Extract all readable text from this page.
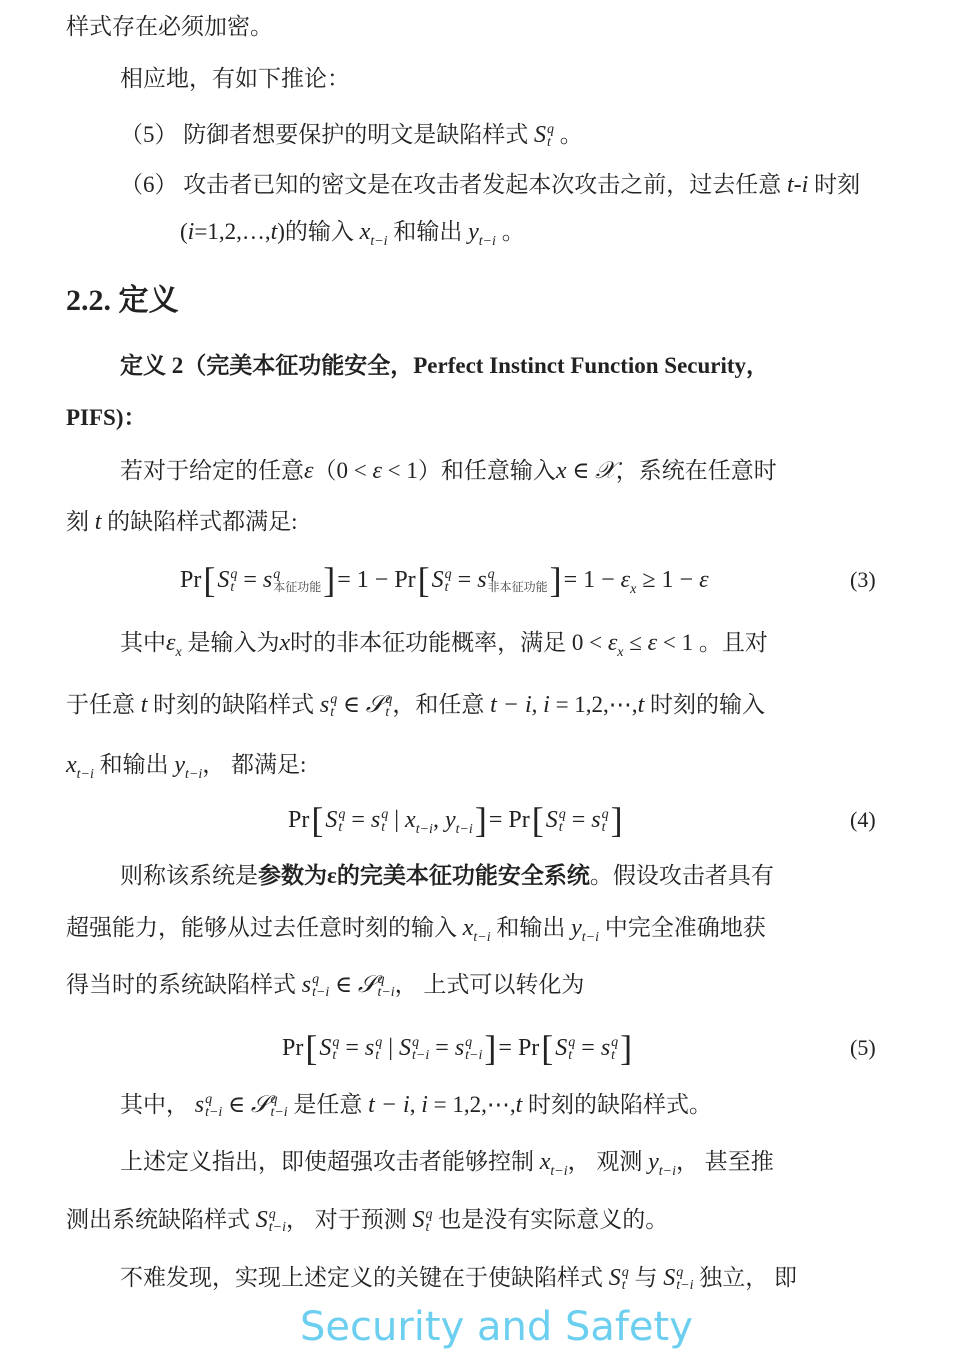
样式存在必须加密。
相应地，有如下推论：
（5） 防御者想要保护的明文是缺陷样式 S q
t 。
（6） 攻击者已知的密文是在攻击者发起本次攻击之前，过去任意 t-i 时刻
(i=1,2,…,t)的输入 $x_{t-i}$ 和输出 $y_{t-i}$ 。
2.2. 定义
定义 2（完美本征功能安全，Perfect Instinct Function Security，
PIFS)：
若对于给定的任意ε（0 < ε < 1）和任意输入x ∈ 𝒳，系统在任意时
刻 t 的缺陷样式都满足:
其中$\varepsilon_x$ 是输入为x时的非本征功能概率，满足 $0 < \varepsilon_x \le \varepsilon < 1$ 。且对
于任意 t 时刻的缺陷样式 s q
t ∈ 𝒮 q
t ，和任意 t − i, i = 1,2,⋯,t 时刻的输入
$x_{t-i}$ 和输出 $y_{t-i}$， 都满足:
则称该系统是参数为ε的完美本征功能安全系统。假设攻击者具有
超强能力，能够从过去任意时刻的输入 $x_{t-i}$ 和输出 $y_{t-i}$ 中完全准确地获
得当时的系统缺陷样式 s q
t−i ∈ 𝒮 q
t−i ， 上式可以转化为
其中， s q
t−i ∈ 𝒮 q
t−i 是任意 t − i, i = 1,2,⋯,t 时刻的缺陷样式。
上述定义指出，即使超强攻击者能够控制 $x_{t-i}$， 观测 $y_{t-i}$， 甚至推
测出系统缺陷样式 S q
t−i ， 对于预测 S q
t 也是没有实际意义的。
不难发现，实现上述定义的关键在于使缺陷样式 S q
t 与 S q
t−i 独立， 即
Pr[S q
t = s q
本征功能 ]= 1 − Pr[S q
t = s q
非本征功能 ]= $1 - \varepsilon_x \ge 1 - \varepsilon$	(3)
Pr[S q
t = s q
t | $x_{t-i}$, $y_{t-i}]= Pr[S$ q
t = s q
t ]	(4)
Pr[S q
t = s q
t | S q
t−i = s q
t−i ]= Pr[S q
t = s q
t ]	(5)
Security and Safety
